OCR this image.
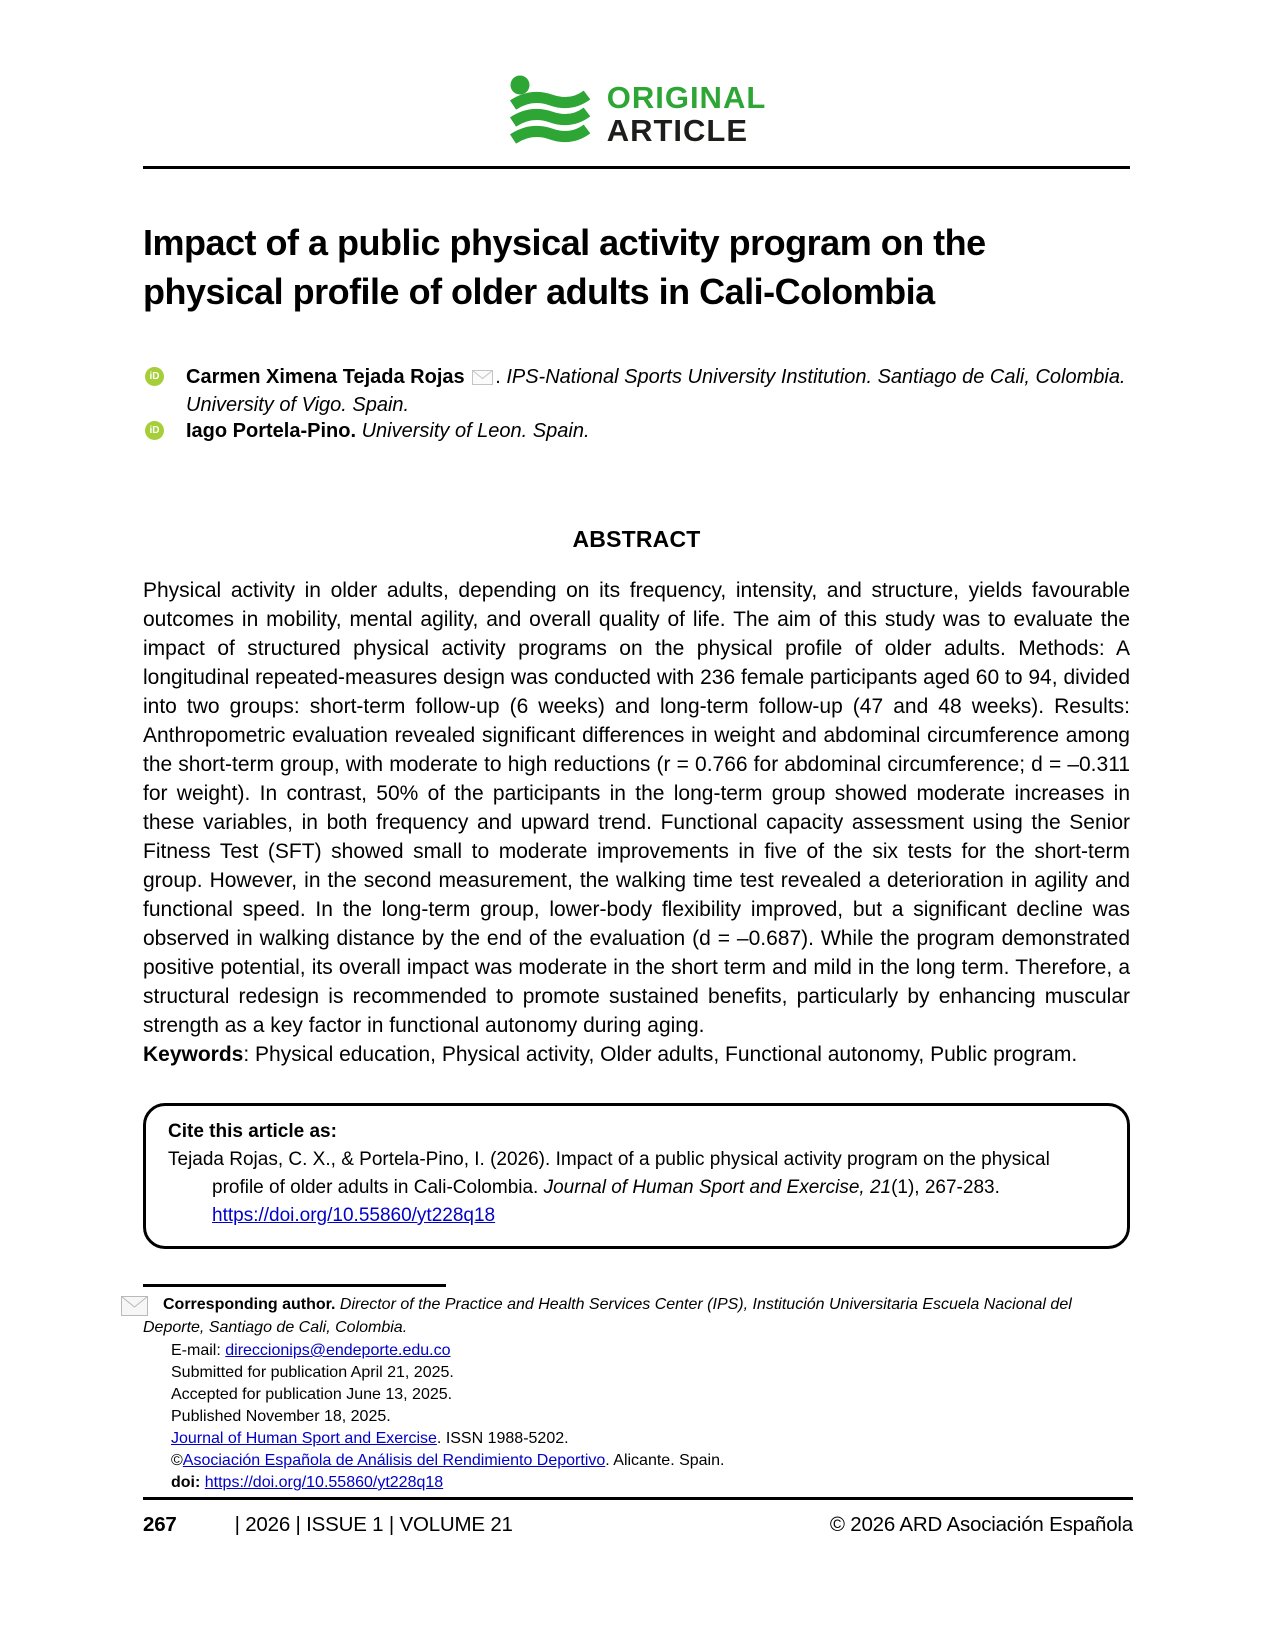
ORIGINAL
ARTICLE
Impact of a public physical activity program on the
physical profile of older adults in Cali-Colombia
iD Carmen Ximena Tejada Rojas . IPS-National Sports University Institution. Santiago de Cali, Colombia.
University of Vigo. Spain.
iD Iago Portela-Pino. University of Leon. Spain.
ABSTRACT
Physical activity in older adults, depending on its frequency, intensity, and structure, yields favourable outcomes in mobility, mental agility, and overall quality of life. The aim of this study was to evaluate the impact of structured physical activity programs on the physical profile of older adults. Methods: A longitudinal repeated-measures design was conducted with 236 female participants aged 60 to 94, divided into two groups: short-term follow-up (6 weeks) and long-term follow-up (47 and 48 weeks). Results: Anthropometric evaluation revealed significant differences in weight and abdominal circumference among the short-term group, with moderate to high reductions (r = 0.766 for abdominal circumference; d = –0.311 for weight). In contrast, 50% of the participants in the long-term group showed moderate increases in these variables, in both frequency and upward trend. Functional capacity assessment using the Senior Fitness Test (SFT) showed small to moderate improvements in five of the six tests for the short-term group. However, in the second measurement, the walking time test revealed a deterioration in agility and functional speed. In the long-term group, lower-body flexibility improved, but a significant decline was observed in walking distance by the end of the evaluation (d = –0.687). While the program demonstrated positive potential, its overall impact was moderate in the short term and mild in the long term. Therefore, a structural redesign is recommended to promote sustained benefits, particularly by enhancing muscular strength as a key factor in functional autonomy during aging.

Keywords: Physical education, Physical activity, Older adults, Functional autonomy, Public program.

Cite this article as:
Tejada Rojas, C. X., & Portela-Pino, I. (2026). Impact of a public physical activity program on the physical profile of older adults in Cali-Colombia. Journal of Human Sport and Exercise, 21(1), 267-283. https://doi.org/10.55860/yt228q18
Corresponding author. Director of the Practice and Health Services Center (IPS), Institución Universitaria Escuela Nacional del Deporte, Santiago de Cali, Colombia.
E-mail: direccionips@endeporte.edu.co
Submitted for publication April 21, 2025.
Accepted for publication June 13, 2025.
Published November 18, 2025.
Journal of Human Sport and Exercise. ISSN 1988-5202.
©Asociación Española de Análisis del Rendimiento Deportivo. Alicante. Spain.
doi: https://doi.org/10.55860/yt228q18
267	| 2026 | ISSUE 1 | VOLUME 21	© 2026 ARD Asociación Española
